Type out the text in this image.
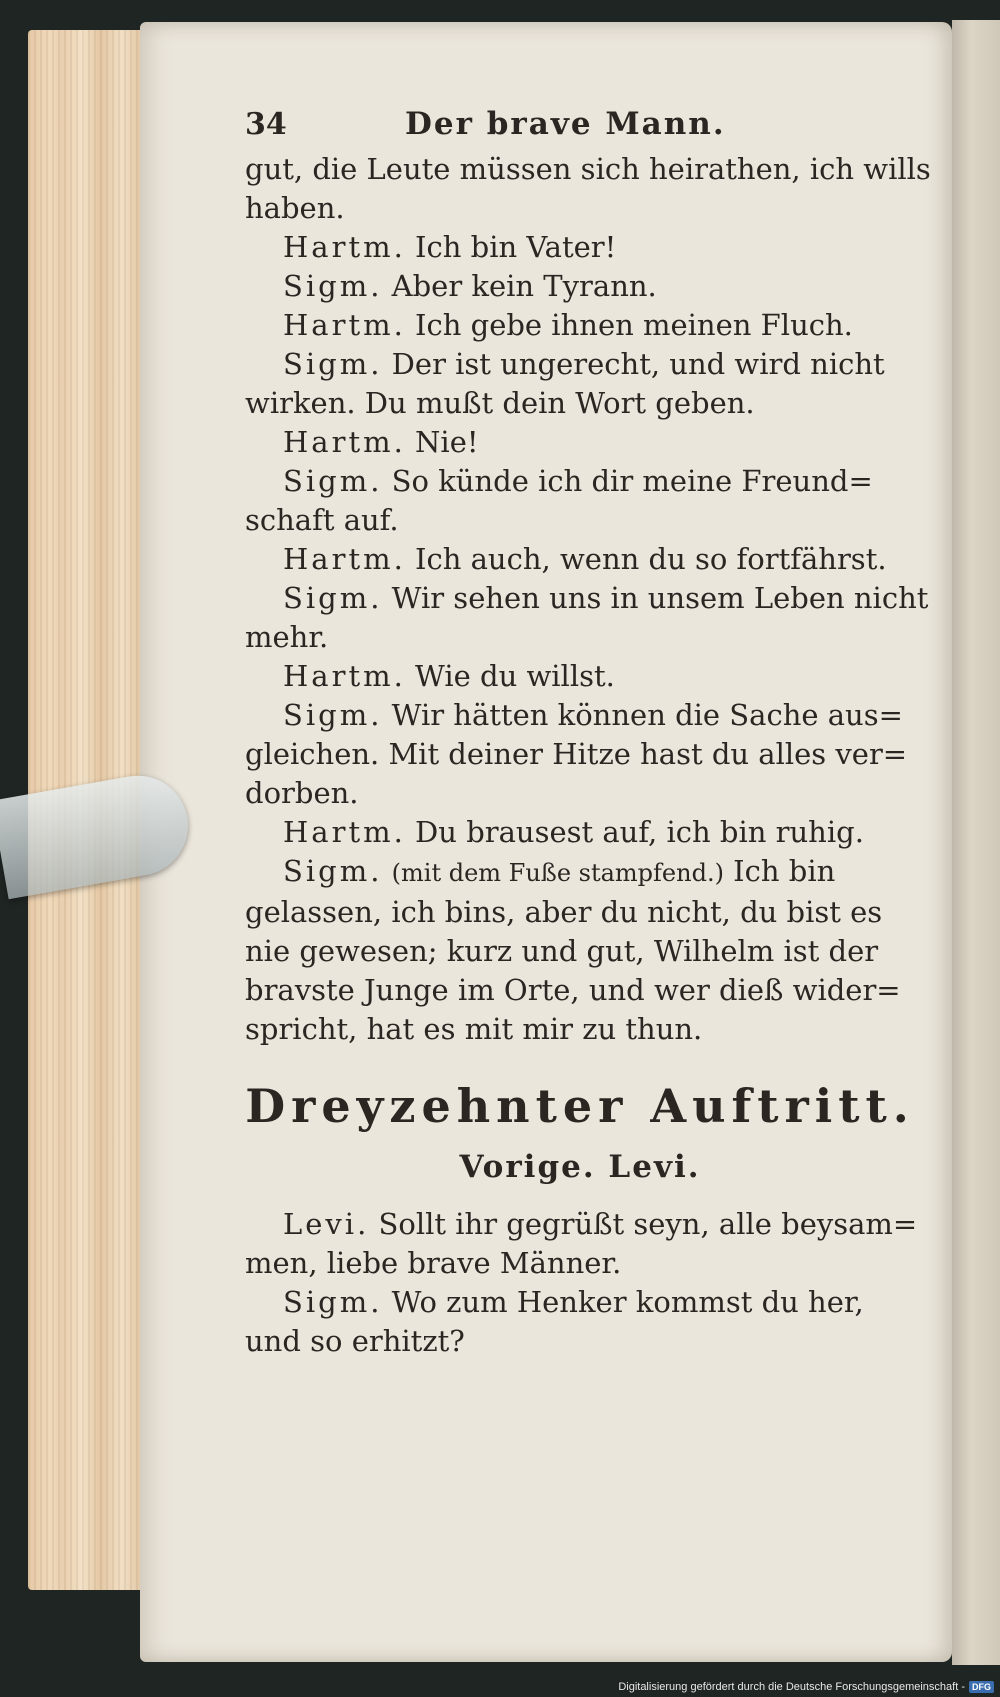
34	Der brave Mann.
gut, die Leute müssen sich heirathen, ich wills
haben.
Hartm. Ich bin Vater!
Sigm. Aber kein Tyrann.
Hartm. Ich gebe ihnen meinen Fluch.
Sigm. Der ist ungerecht, und wird nicht
wirken. Du mußt dein Wort geben.
Hartm. Nie!
Sigm. So künde ich dir meine Freund=
schaft auf.
Hartm. Ich auch, wenn du so fortfährst.
Sigm. Wir sehen uns in unsem Leben nicht
mehr.
Hartm. Wie du willst.
Sigm. Wir hätten können die Sache aus=
gleichen. Mit deiner Hitze hast du alles ver=
dorben.
Hartm. Du brausest auf, ich bin ruhig.
Sigm. (mit dem Fuße stampfend.) Ich bin
gelassen, ich bins, aber du nicht, du bist es
nie gewesen; kurz und gut, Wilhelm ist der
bravste Junge im Orte, und wer dieß wider=
spricht, hat es mit mir zu thun.
Dreyzehnter Auftritt.
Vorige. Levi.
Levi. Sollt ihr gegrüßt seyn, alle beysam=
men, liebe brave Männer.
Sigm. Wo zum Henker kommst du her,
und so erhitzt?
Digitalisierung gefördert durch die Deutsche Forschungsgemeinschaft - DFG
